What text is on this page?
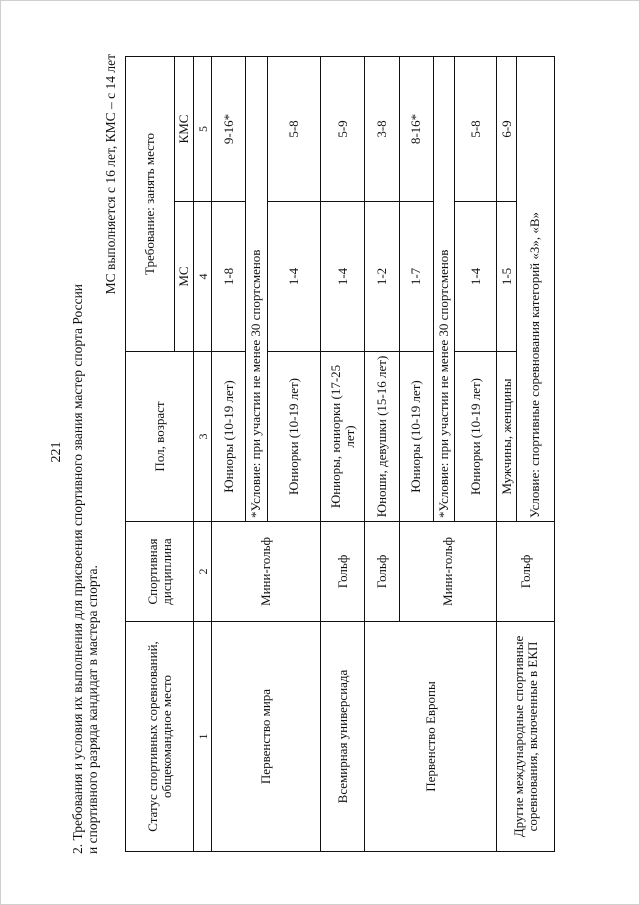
221 2. Требования и условия их выполнения для присвоения спортивного звания мастер спорта России и спортивного разряда кандидат в мастера спорта.
МС выполняется с 16 лет, КМС – с 14 лет
Статус спортивных соревнований, общекомандное место	Спортивная дисциплина	Пол, возраст	Требование: занять место	
			МС	КМС
1	2	3	4	5
Первенство мира	Мини-гольф	Юниоры (10-19 лет)	1-8	9-16*
		*Условие: при участии не менее 30 спортсменов		
		Юниорки (10-19 лет)	1-4	5-8
Всемирная универсиада	Гольф	Юниоры, юниорки (17-25 лет)	1-4	5-9
Первенство Европы	Гольф	Юноши, девушки (15-16 лет)	1-2	3-8
	Мини-гольф	Юниоры (10-19 лет)	1-7	8-16*
		*Условие: при участии не менее 30 спортсменов		
		Юниорки (10-19 лет)	1-4	5-8
Другие международные спортивные соревнования, включенные в ЕКП	Гольф	Мужчины, женщины	1-5	6-9
		Условие: спортивные соревнования категорий «З», «В»		
